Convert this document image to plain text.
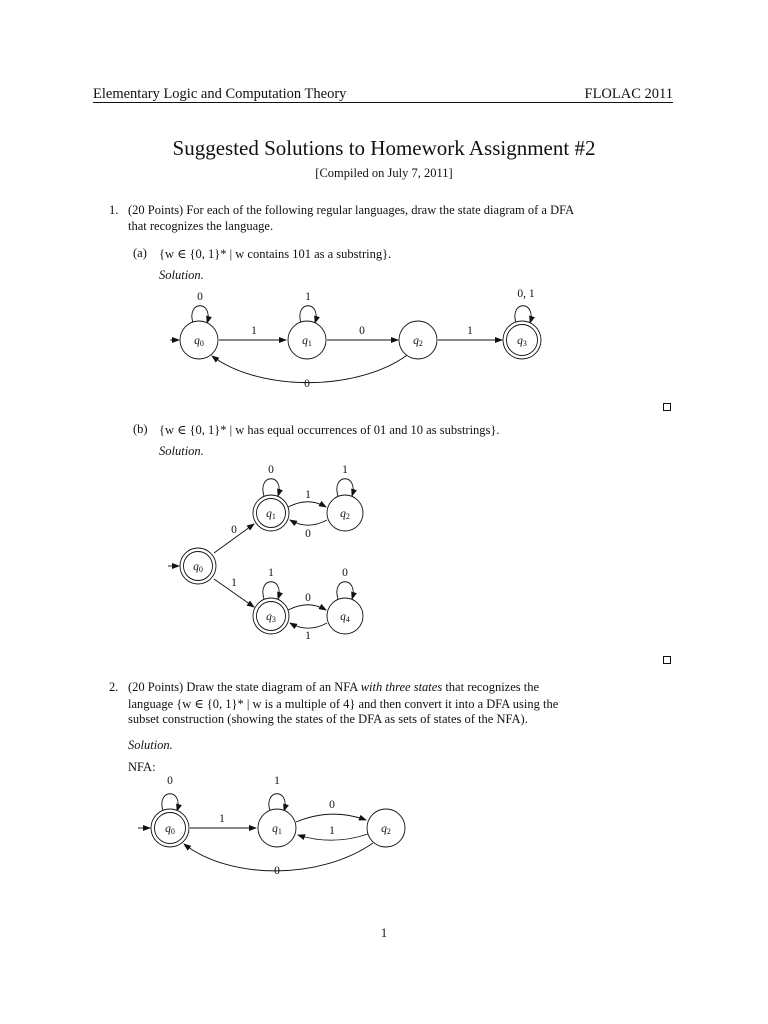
Elementary Logic and Computation Theory	FLOLAC 2011
Suggested Solutions to Homework Assignment #2
[Compiled on July 7, 2011]
1. (20 Points) For each of the following regular languages, draw the state diagram of a DFA
that recognizes the language.
(a) {w ∈ {0, 1}* | w contains 101 as a substring}.
Solution.
(b) {w ∈ {0, 1}* | w has equal occurrences of 01 and 10 as substrings}.
Solution.
2. (20 Points) Draw the state diagram of an NFA with three states that recognizes the
language {w ∈ {0, 1}* | w is a multiple of 4} and then convert it into a DFA using the
subset construction (showing the states of the DFA as sets of states of the NFA).
Solution.
NFA:
1
q0	q1	q2	q3
0	1	0, 1
1	0	1
0
q0
q1	q2
q3	q4
0
1
0
1
1
0
1
0
0
1
q0	q1	q2
0
1
1
0
1
0
